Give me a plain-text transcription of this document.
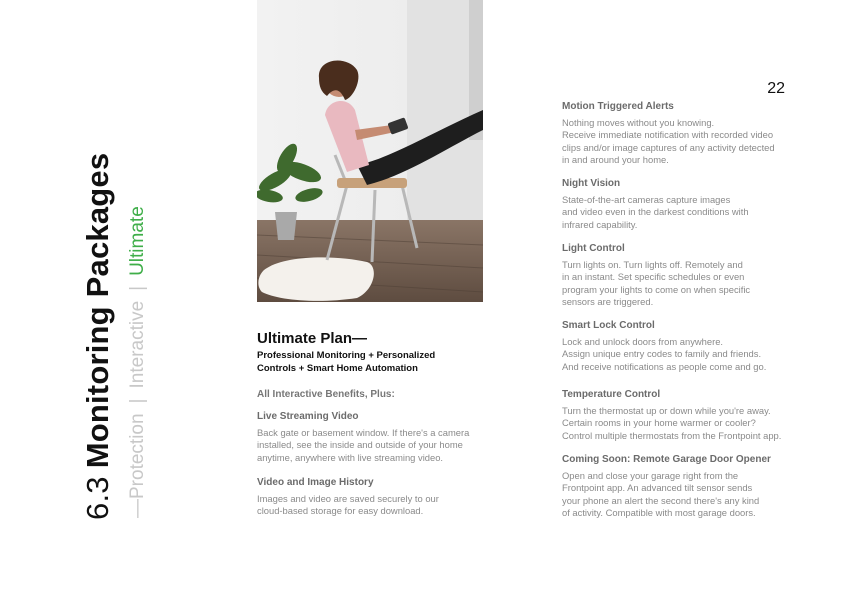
6.3
Monitoring Packages —Protection
|
Interactive
|
Ultimate
22
Ultimate Plan—

Professional Monitoring + Personalized
Controls + Smart Home Automation

All Interactive Benefits, Plus:

Live Streaming Video

Back gate or basement window. If there's a camera
installed, see the inside and outside of your home
anytime, anywhere with live streaming video.

Video and Image History

Images and video are saved securely to our
cloud-based storage for easy download.

Motion Triggered Alerts

Nothing moves without you knowing.
Receive immediate notification with recorded video
clips and/or image captures of any activity detected
in and around your home.

Night Vision

State-of-the-art cameras capture images
and video even in the darkest conditions with
infrared capability.

Light Control

Turn lights on. Turn lights off. Remotely and
in an instant. Set specific schedules or even
program your lights to come on when specific
sensors are triggered.

Smart Lock Control

Lock and unlock doors from anywhere.
Assign unique entry codes to family and friends.
And receive notifications as people come and go.

Temperature Control

Turn the thermostat up or down while you're away.
Certain rooms in your home warmer or cooler?
Control multiple thermostats from the Frontpoint app.

Coming Soon: Remote Garage Door Opener

Open and close your garage right from the
Frontpoint app. An advanced tilt sensor sends
your phone an alert the second there's any kind
of activity. Compatible with most garage doors.
